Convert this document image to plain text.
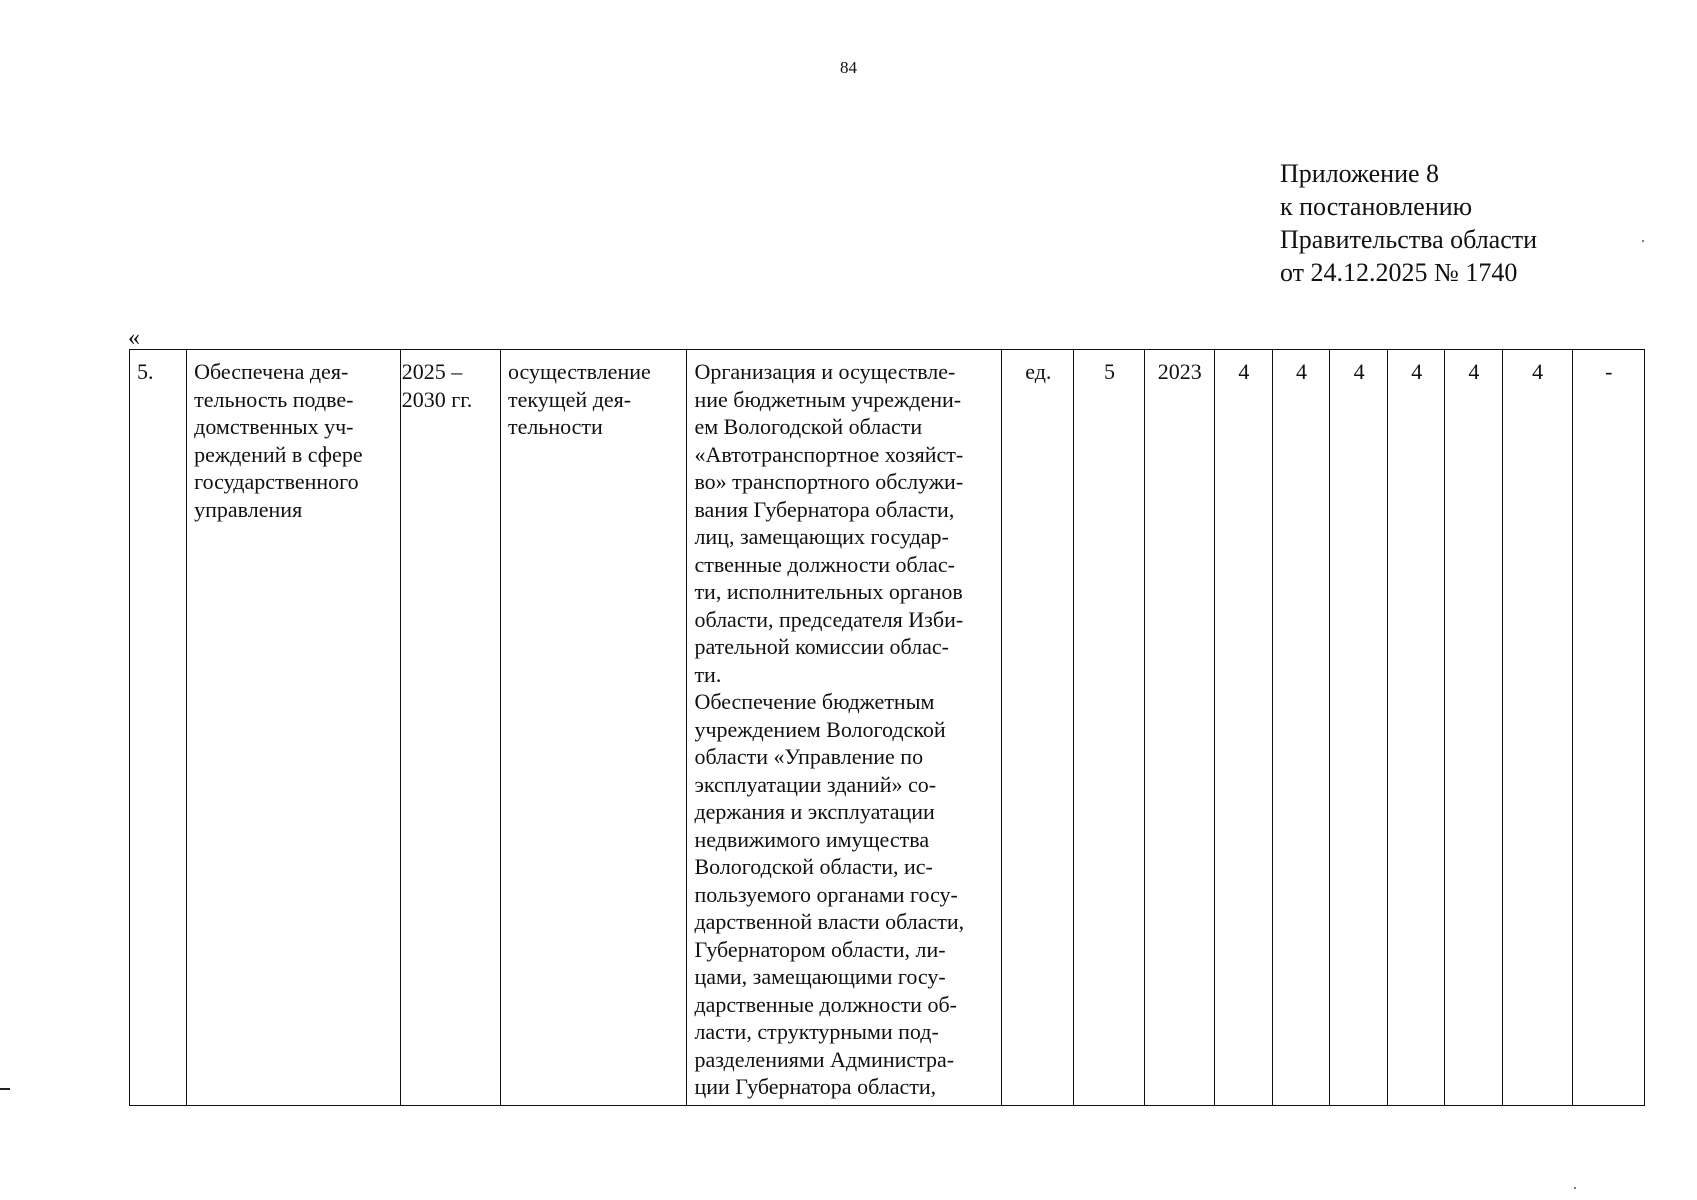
84
Приложение 8
к постановлению
Правительства области
от 24.12.2025 № 1740
«
5.	Обеспечена дея-
тельность подве-
домственных уч-
реждений в сфере
государственного
управления	2025 –
2030 гг.	осуществление
текущей дея-
тельности	Организация и осуществле-
ние бюджетным учреждени-
ем Вологодской области
«Автотранспортное хозяйст-
во» транспортного обслужи-
вания Губернатора области,
лиц, замещающих государ-
ственные должности облас-
ти, исполнительных органов
области, председателя Изби-
рательной комиссии облас-
ти.
Обеспечение бюджетным
учреждением Вологодской
области «Управление по
эксплуатации зданий» со-
держания и эксплуатации
недвижимого имущества
Вологодской области, ис-
пользуемого органами госу-
дарственной власти области,
Губернатором области, ли-
цами, замещающими госу-
дарственные должности об-
ласти, структурными под-
разделениями Администра-
ции Губернатора области,	ед.	5	2023	4	4	4	4	4	4	-
